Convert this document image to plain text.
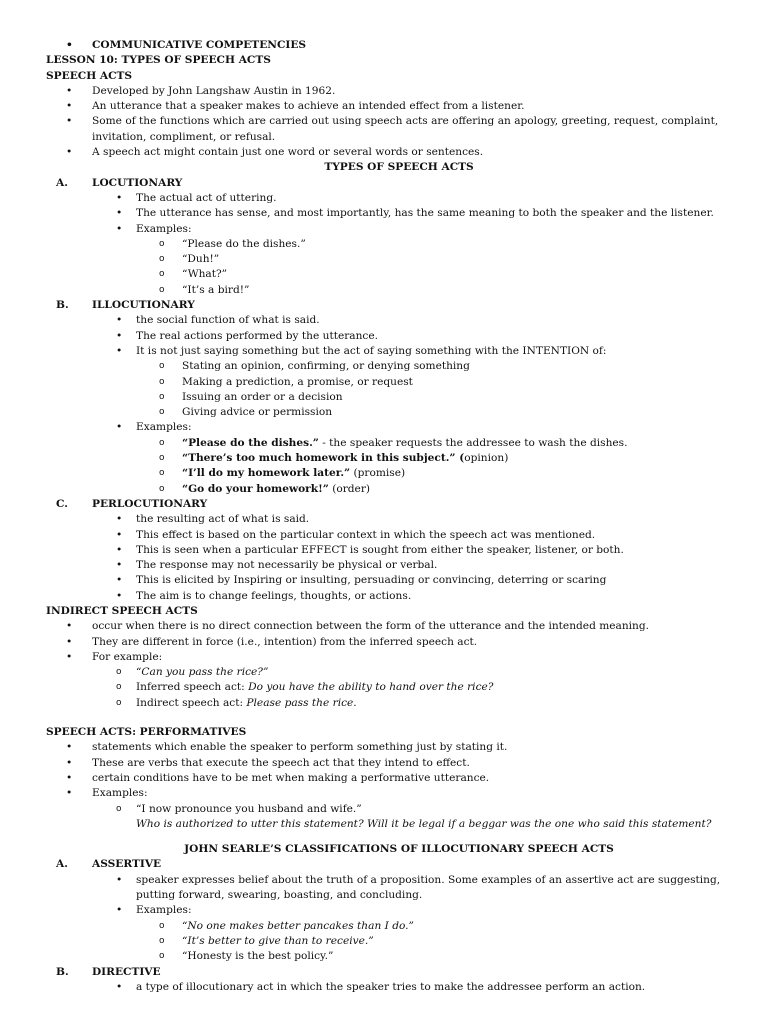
• COMMUNICATIVE COMPETENCIES
LESSON 10: TYPES OF SPEECH ACTS
SPEECH ACTS
• Developed by John Langshaw Austin in 1962.
• An utterance that a speaker makes to achieve an intended effect from a listener.
• Some of the functions which are carried out using speech acts are offering an apology, greeting, request, complaint, invitation, compliment, or refusal.
• A speech act might contain just one word or several words or sentences.
TYPES OF SPEECH ACTS
A. LOCUTIONARY
• The actual act of uttering.
• The utterance has sense, and most importantly, has the same meaning to both the speaker and the listener.
• Examples:
o “Please do the dishes.”
o “Duh!”
o “What?”
o “It’s a bird!”
B. ILLOCUTIONARY
• the social function of what is said.
• The real actions performed by the utterance.
• It is not just saying something but the act of saying something with the INTENTION of:
o Stating an opinion, confirming, or denying something
o Making a prediction, a promise, or request
o Issuing an order or a decision
o Giving advice or permission
• Examples:
o “Please do the dishes.” - the speaker requests the addressee to wash the dishes.
o “There’s too much homework in this subject.” (opinion)
o “I’ll do my homework later.” (promise)
o “Go do your homework!” (order)
C. PERLOCUTIONARY
• the resulting act of what is said.
• This effect is based on the particular context in which the speech act was mentioned.
• This is seen when a particular EFFECT is sought from either the speaker, listener, or both.
• The response may not necessarily be physical or verbal.
• This is elicited by Inspiring or insulting, persuading or convincing, deterring or scaring
• The aim is to change feelings, thoughts, or actions.
INDIRECT SPEECH ACTS
• occur when there is no direct connection between the form of the utterance and the intended meaning.
• They are different in force (i.e., intention) from the inferred speech act.
• For example:
o “Can you pass the rice?”
o Inferred speech act: Do you have the ability to hand over the rice?
o Indirect speech act: Please pass the rice.
SPEECH ACTS: PERFORMATIVES
• statements which enable the speaker to perform something just by stating it.
• These are verbs that execute the speech act that they intend to effect.
• certain conditions have to be met when making a performative utterance.
• Examples:
o “I now pronounce you husband and wife.”
Who is authorized to utter this statement? Will it be legal if a beggar was the one who said this statement?
JOHN SEARLE’S CLASSIFICATIONS OF ILLOCUTIONARY SPEECH ACTS
A. ASSERTIVE
• speaker expresses belief about the truth of a proposition. Some examples of an assertive act are suggesting,
putting forward, swearing, boasting, and concluding.
• Examples:
o “No one makes better pancakes than I do.”
o “It’s better to give than to receive.”
o “Honesty is the best policy.”
B. DIRECTIVE
• a type of illocutionary act in which the speaker tries to make the addressee perform an action.
